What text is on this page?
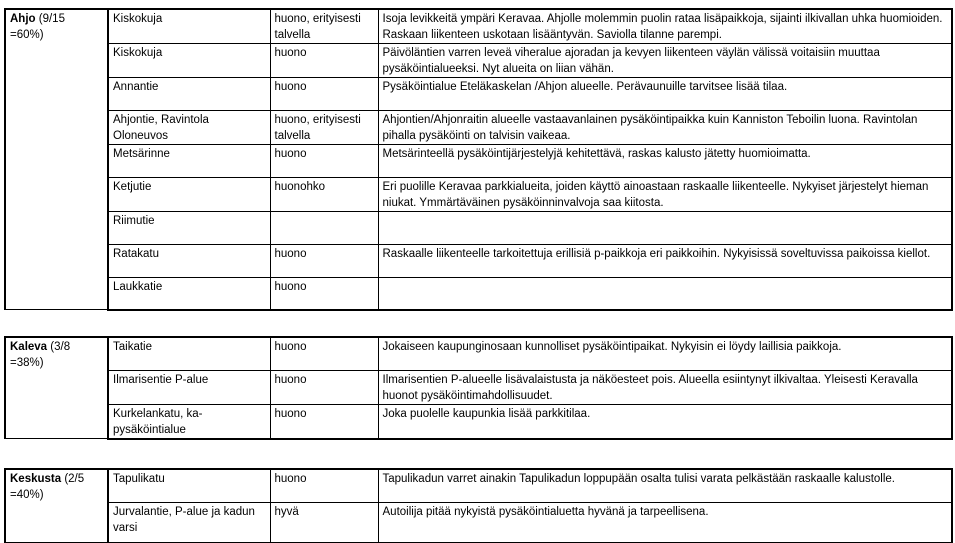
Ahjo (9/15
=60%)	Kiskokuja	huono, erityisesti talvella	Isoja levikkeitä ympäri Keravaa. Ahjolle molemmin puolin rataa lisäpaikkoja, sijainti ilkivallan uhka huomioiden. Raskaan liikenteen uskotaan lisääntyvän. Saviolla tilanne parempi.
	Kiskokuja	huono	Päivöläntien varren leveä viheralue ajoradan ja kevyen liikenteen väylän välissä voitaisiin muuttaa pysäköintialueeksi. Nyt alueita on liian vähän.
	Annantie	huono	Pysäköintialue Eteläkaskelan /Ahjon alueelle. Perävaunuille tarvitsee lisää tilaa.
	Ahjontie, Ravintola Oloneuvos	huono, erityisesti talvella	Ahjontien/Ahjonraitin alueelle vastaavanlainen pysäköintipaikka kuin Kanniston Teboilin luona. Ravintolan pihalla pysäköinti on talvisin vaikeaa.
	Metsärinne	huono	Metsärinteellä pysäköintijärjestelyjä kehitettävä, raskas kalusto jätetty huomioimatta.
	Ketjutie	huonohko	Eri puolille Keravaa parkkialueita, joiden käyttö ainoastaan raskaalle liikenteelle. Nykyiset järjestelyt hieman niukat. Ymmärtäväinen pysäköinninvalvoja saa kiitosta.
	Riimutie		
	Ratakatu	huono	Raskaalle liikenteelle tarkoitettuja erillisiä p-paikkoja eri paikkoihin. Nykyisissä soveltuvissa paikoissa kiellot.
	Laukkatie	huono	
Kaleva (3/8
=38%)	Taikatie	huono	Jokaiseen kaupunginosaan kunnolliset pysäköintipaikat. Nykyisin ei löydy laillisia paikkoja.
	Ilmarisentie P-alue	huono	Ilmarisentien P-alueelle lisävalaistusta ja näköesteet pois. Alueella esiintynyt ilkivaltaa. Yleisesti Keravalla huonot pysäköintimahdollisuudet.
	Kurkelankatu, ka-pysäköintialue	huono	Joka puolelle kaupunkia lisää parkkitilaa.
Keskusta (2/5
=40%)	Tapulikatu	huono	Tapulikadun varret ainakin Tapulikadun loppupään osalta tulisi varata pelkästään raskaalle kalustolle.
	Jurvalantie, P-alue ja kadun varsi	hyvä	Autoilija pitää nykyistä pysäköintialuetta hyvänä ja tarpeellisena.
